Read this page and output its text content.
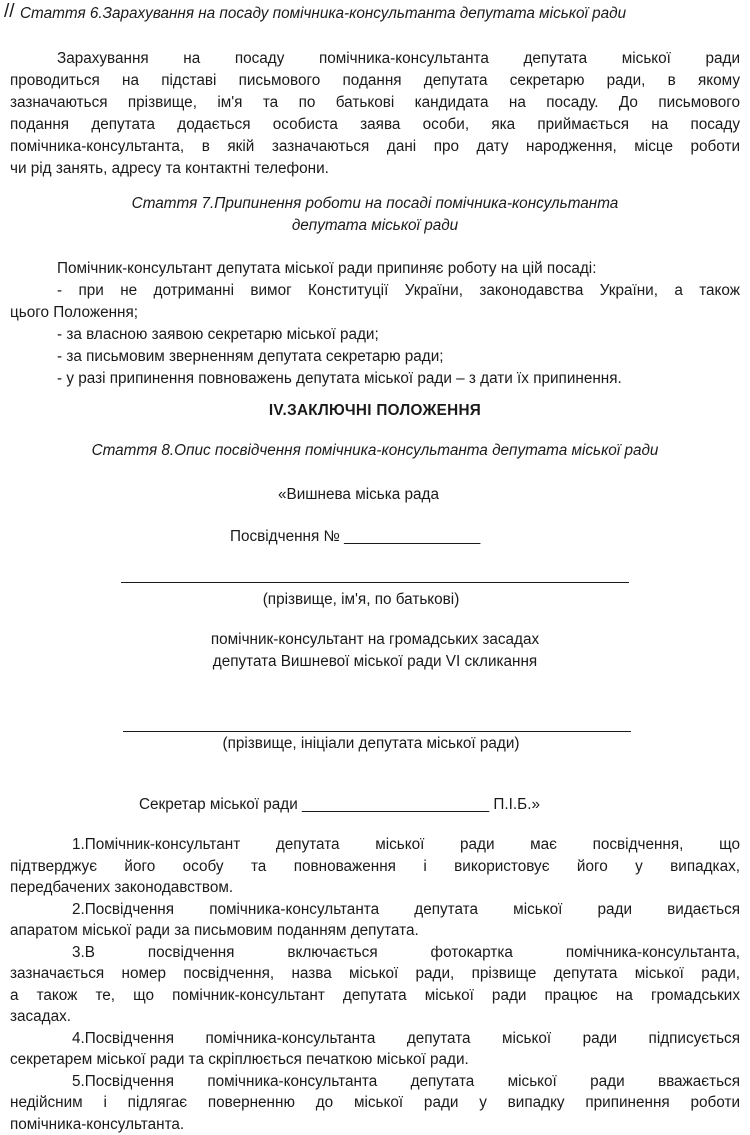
// Стаття 6.Зарахування на посаду помічника-консультанта депутата міської ради
Зарахування на посаду помічника-консультанта депутата міської ради
проводиться на підставі письмового подання депутата секретарю ради, в якому
зазначаються прізвище, ім'я та по батькові кандидата на посаду. До письмового
подання депутата додається особиста заява особи, яка приймається на посаду
помічника-консультанта, в якій зазначаються дані про дату народження, місце роботи
чи рід занять, адресу та контактні телефони.
Стаття 7.Припинення роботи на посаді помічника-консультанта
депутата міської ради
Помічник-консультант депутата міської ради припиняє роботу на цій посаді:
- при не дотриманні вимог Конституції України, законодавства України, а також
цього Положення;
- за власною заявою секретарю міської ради;
- за письмовим зверненням депутата секретарю ради;
- у разі припинення повноважень депутата міської ради – з дати їх припинення.
IV.ЗАКЛЮЧНІ ПОЛОЖЕННЯ
Стаття 8.Опис посвідчення помічника-консультанта депутата міської ради
«Вишнева міська рада
Посвідчення № ________________
(прізвище, ім'я, по батькові)
помічник-консультант на громадських засадах
депутата Вишневої міської ради VI скликання
(прізвище, ініціали депутата міської ради)
Секретар міської ради ______________________ П.І.Б.»
1.Помічник-консультант депутата міської ради має посвідчення, що
підтверджує його особу та повноваження і використовує його у випадках,
передбачених законодавством.
2.Посвідчення помічника-консультанта депутата міської ради видається
апаратом міської ради за письмовим поданням депутата.
3.В посвідчення включається фотокартка помічника-консультанта,
зазначається номер посвідчення, назва міської ради, прізвище депутата міської ради,
а також те, що помічник-консультант депутата міської ради працює на громадських
засадах.
4.Посвідчення помічника-консультанта депутата міської ради підписується
секретарем міської ради та скріплюється печаткою міської ради.
5.Посвідчення помічника-консультанта депутата міської ради вважається
недійсним і підлягає поверненню до міської ради у випадку припинення роботи
помічника-консультанта.
